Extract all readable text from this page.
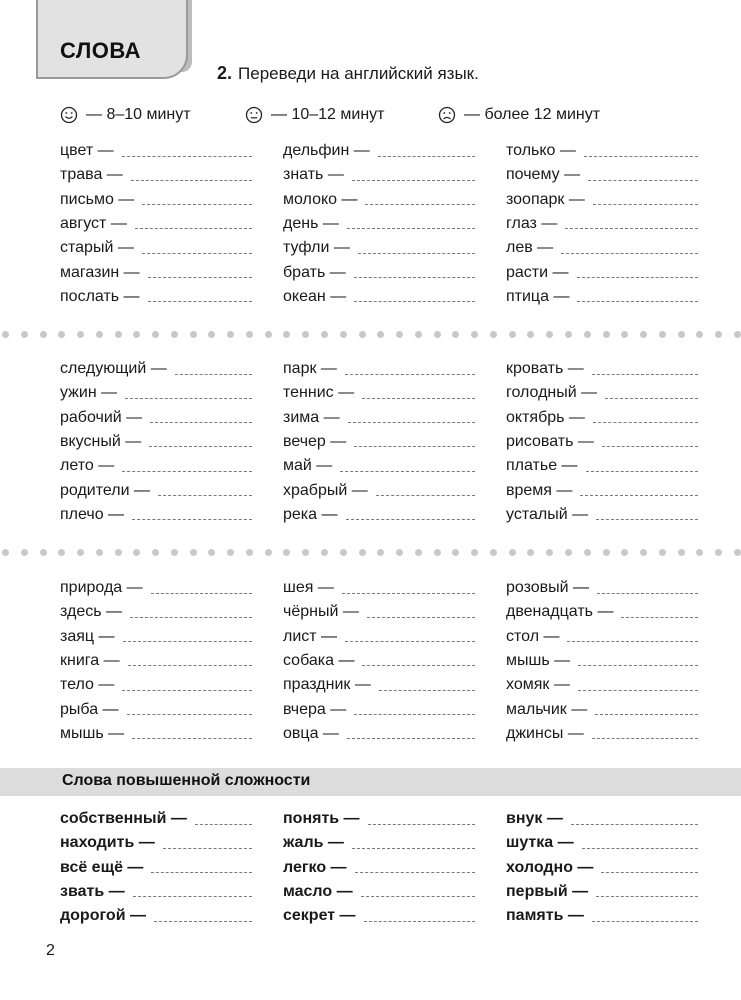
СЛОВА
2. Переведи на английский язык.
— 8–10 минут	— 10–12 минут	— более 12 минут
цвет —
трава —
письмо —
август —
старый —
магазин —
послать —
дельфин —
знать —
молоко —
день —
туфли —
брать —
океан —
только —
почему —
зоопарк —
глаз —
лев —
расти —
птица —
следующий —
ужин —
рабочий —
вкусный —
лето —
родители —
плечо —
парк —
теннис —
зима —
вечер —
май —
храбрый —
река —
кровать —
голодный —
октябрь —
рисовать —
платье —
время —
усталый —
природа —
здесь —
заяц —
книга —
тело —
рыба —
мышь —
шея —
чёрный —
лист —
собака —
праздник —
вчера —
овца —
розовый —
двенадцать —
стол —
мышь —
хомяк —
мальчик —
джинсы —
собственный —
находить —
всё ещё —
звать —
дорогой —
понять —
жаль —
легко —
масло —
секрет —
внук —
шутка —
холодно —
первый —
память —
Слова повышенной сложности
2
